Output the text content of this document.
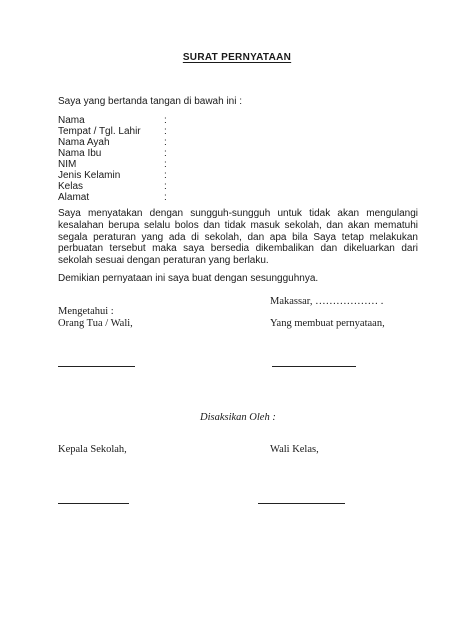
SURAT PERNYATAAN
Saya yang bertanda tangan di bawah ini :
Nama	:
Tempat / Tgl. Lahir :
Nama Ayah	:
Nama Ibu	:
NIM	:
Jenis Kelamin	:
Kelas	:
Alamat	:
Saya menyatakan dengan sungguh-sungguh untuk tidak akan mengulangi kesalahan berupa selalu bolos dan tidak masuk sekolah, dan akan mematuhi segala peraturan yang ada di sekolah, dan apa bila Saya tetap melakukan perbuatan tersebut maka saya bersedia dikembalikan dan dikeluarkan dari sekolah sesuai dengan peraturan yang berlaku.
Demikian pernyataan ini saya buat dengan sesungguhnya.
Makassar, ……………… .
Mengetahui :
Orang Tua / Wali,	Yang membuat pernyataan,
Disaksikan Oleh :
Kepala Sekolah,	Wali Kelas,
